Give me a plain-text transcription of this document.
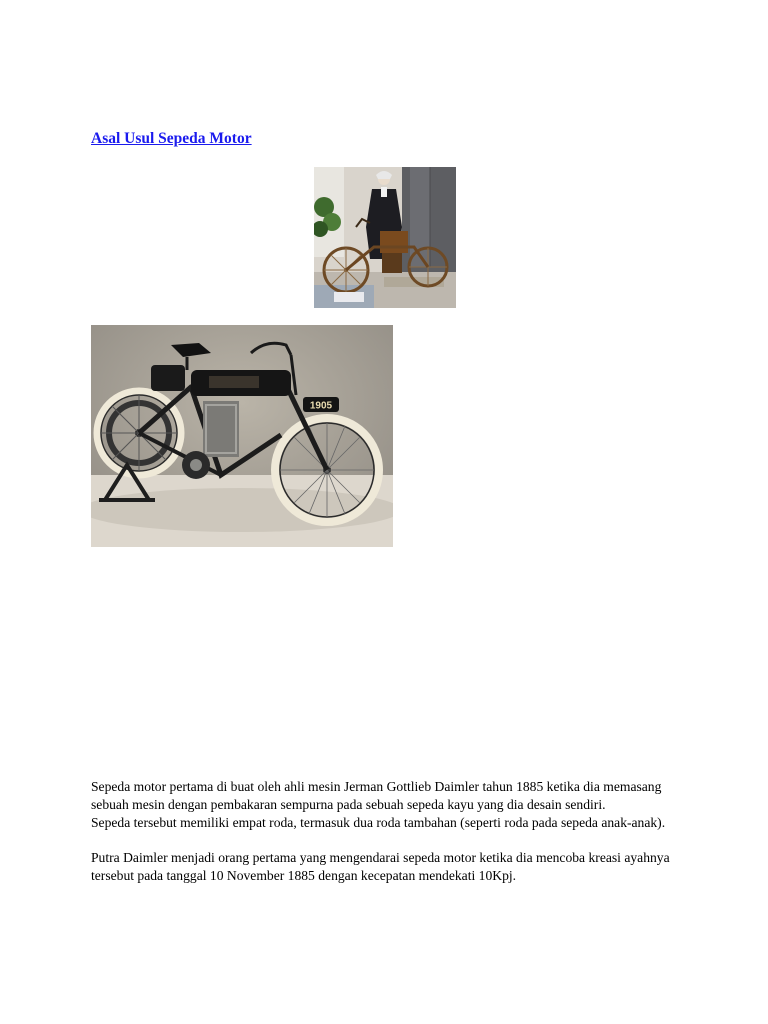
Asal Usul Sepeda Motor
1905

Sepeda motor pertama di buat oleh ahli mesin Jerman Gottlieb Daimler tahun 1885 ketika dia memasang sebuah mesin dengan pembakaran sempurna pada sebuah sepeda kayu yang dia desain sendiri.

Sepeda tersebut memiliki empat roda, termasuk dua roda tambahan (seperti roda pada sepeda anak-anak).

Putra Daimler menjadi orang pertama yang mengendarai sepeda motor ketika dia mencoba kreasi ayahnya tersebut pada tanggal 10 November 1885 dengan kecepatan mendekati 10Kpj.
